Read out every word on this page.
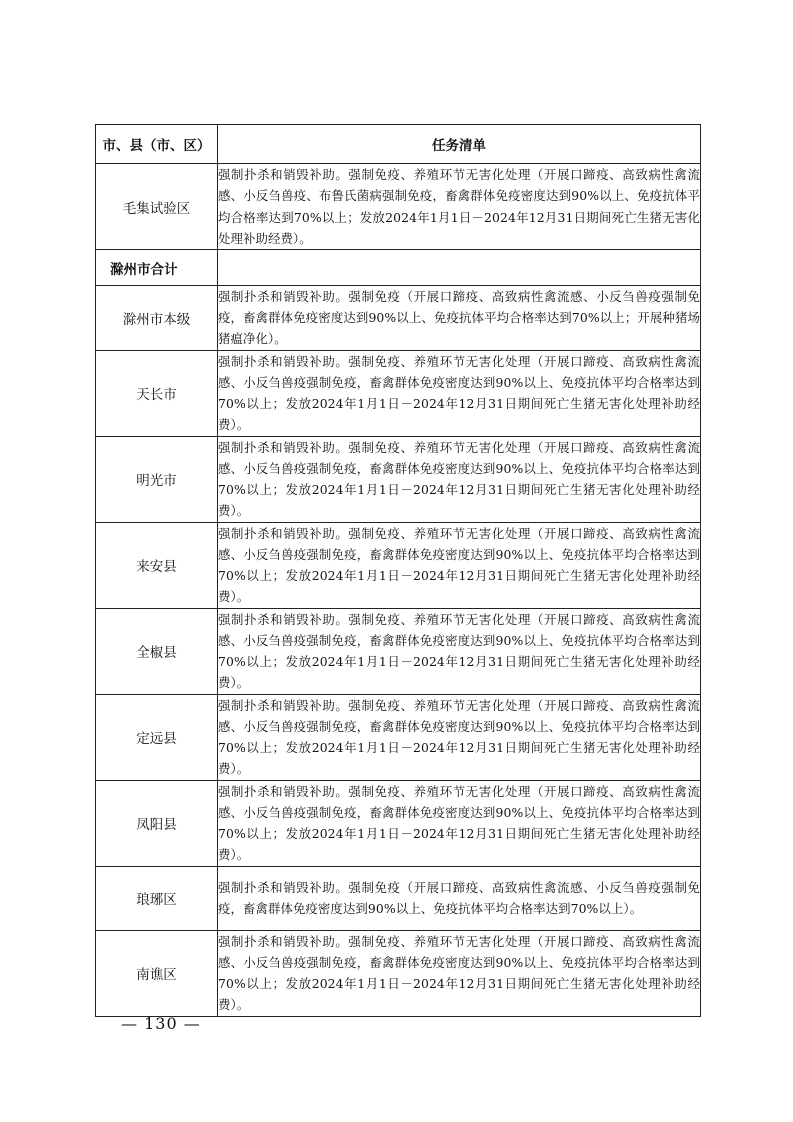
市、县（市、区）	任务清单
毛集试验区	强制扑杀和销毁补助。强制免疫、养殖环节无害化处理（开展口蹄疫、高致病性禽流感、小反刍兽疫、布鲁氏菌病强制免疫，畜禽群体免疫密度达到90%以上、免疫抗体平均合格率达到70%以上；发放2024年1月1日－2024年12月31日期间死亡生猪无害化处理补助经费）。
滁州市合计	
滁州市本级	强制扑杀和销毁补助。强制免疫（开展口蹄疫、高致病性禽流感、小反刍兽疫强制免疫，畜禽群体免疫密度达到90%以上、免疫抗体平均合格率达到70%以上；开展种猪场猪瘟净化）。
天长市	强制扑杀和销毁补助。强制免疫、养殖环节无害化处理（开展口蹄疫、高致病性禽流感、小反刍兽疫强制免疫，畜禽群体免疫密度达到90%以上、免疫抗体平均合格率达到70%以上；发放2024年1月1日－2024年12月31日期间死亡生猪无害化处理补助经费）。
明光市	强制扑杀和销毁补助。强制免疫、养殖环节无害化处理（开展口蹄疫、高致病性禽流感、小反刍兽疫强制免疫，畜禽群体免疫密度达到90%以上、免疫抗体平均合格率达到70%以上；发放2024年1月1日－2024年12月31日期间死亡生猪无害化处理补助经费）。
来安县	强制扑杀和销毁补助。强制免疫、养殖环节无害化处理（开展口蹄疫、高致病性禽流感、小反刍兽疫强制免疫，畜禽群体免疫密度达到90%以上、免疫抗体平均合格率达到70%以上；发放2024年1月1日－2024年12月31日期间死亡生猪无害化处理补助经费）。
全椒县	强制扑杀和销毁补助。强制免疫、养殖环节无害化处理（开展口蹄疫、高致病性禽流感、小反刍兽疫强制免疫，畜禽群体免疫密度达到90%以上、免疫抗体平均合格率达到70%以上；发放2024年1月1日－2024年12月31日期间死亡生猪无害化处理补助经费）。
定远县	强制扑杀和销毁补助。强制免疫、养殖环节无害化处理（开展口蹄疫、高致病性禽流感、小反刍兽疫强制免疫，畜禽群体免疫密度达到90%以上、免疫抗体平均合格率达到70%以上；发放2024年1月1日－2024年12月31日期间死亡生猪无害化处理补助经费）。
凤阳县	强制扑杀和销毁补助。强制免疫、养殖环节无害化处理（开展口蹄疫、高致病性禽流感、小反刍兽疫强制免疫，畜禽群体免疫密度达到90%以上、免疫抗体平均合格率达到70%以上；发放2024年1月1日－2024年12月31日期间死亡生猪无害化处理补助经费）。
琅琊区	强制扑杀和销毁补助。强制免疫（开展口蹄疫、高致病性禽流感、小反刍兽疫强制免疫，畜禽群体免疫密度达到90%以上、免疫抗体平均合格率达到70%以上）。
南谯区	强制扑杀和销毁补助。强制免疫、养殖环节无害化处理（开展口蹄疫、高致病性禽流感、小反刍兽疫强制免疫，畜禽群体免疫密度达到90%以上、免疫抗体平均合格率达到70%以上；发放2024年1月1日－2024年12月31日期间死亡生猪无害化处理补助经费）。
— 130 —
